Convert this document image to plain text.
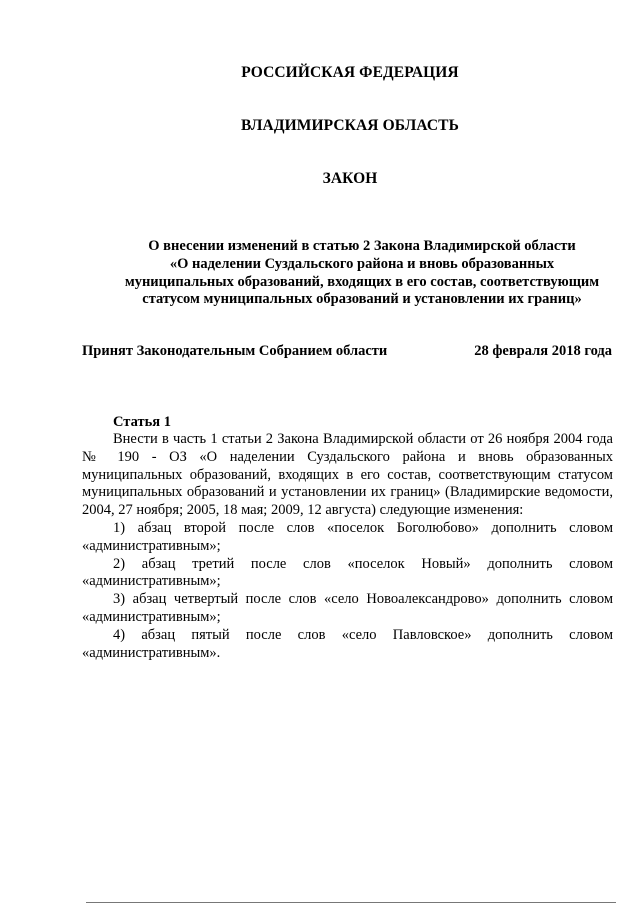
РОССИЙСКАЯ ФЕДЕРАЦИЯ
ВЛАДИМИРСКАЯ ОБЛАСТЬ
ЗАКОН
О внесении изменений в статью 2 Закона Владимирской области
«О наделении Суздальского района и вновь образованных
муниципальных образований, входящих в его состав, соответствующим
статусом муниципальных образований и установлении их границ»
Принят Законодательным Собранием области	28 февраля 2018 года
Статья 1

Внести в часть 1 статьи 2 Закона Владимирской области от 26 ноября 2004 года № 190 - ОЗ «О наделении Суздальского района и вновь образованных муниципальных образований, входящих в его состав, соответствующим статусом муниципальных образований и установлении их границ» (Владимирские ведомости, 2004, 27 ноября; 2005, 18 мая; 2009, 12 августа) следующие изменения:

1) абзац второй после слов «поселок Боголюбово» дополнить словом «административным»;

2) абзац третий после слов «поселок Новый» дополнить словом «административным»;

3) абзац четвертый после слов «село Новоалександрово» дополнить словом «административным»;

4) абзац пятый после слов «село Павловское» дополнить словом «административным».
